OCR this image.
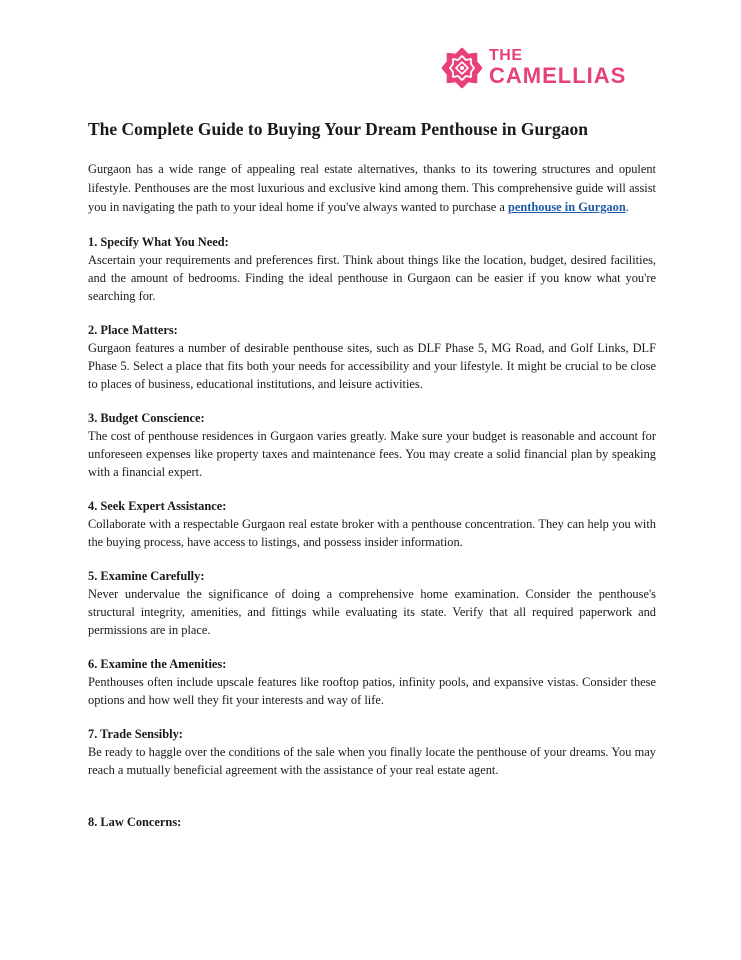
THE
CAMELLIAS
The Complete Guide to Buying Your Dream Penthouse in Gurgaon

Gurgaon has a wide range of appealing real estate alternatives, thanks to its towering structures and opulent lifestyle. Penthouses are the most luxurious and exclusive kind among them. This comprehensive guide will assist you in navigating the path to your ideal home if you've always wanted to purchase a penthouse in Gurgaon.

1. Specify What You Need:

Ascertain your requirements and preferences first. Think about things like the location, budget, desired facilities, and the amount of bedrooms. Finding the ideal penthouse in Gurgaon can be easier if you know what you're searching for.

2. Place Matters:

Gurgaon features a number of desirable penthouse sites, such as DLF Phase 5, MG Road, and Golf Links, DLF Phase 5. Select a place that fits both your needs for accessibility and your lifestyle. It might be crucial to be close to places of business, educational institutions, and leisure activities.

3. Budget Conscience:

The cost of penthouse residences in Gurgaon varies greatly. Make sure your budget is reasonable and account for unforeseen expenses like property taxes and maintenance fees. You may create a solid financial plan by speaking with a financial expert.

4. Seek Expert Assistance:

Collaborate with a respectable Gurgaon real estate broker with a penthouse concentration. They can help you with the buying process, have access to listings, and possess insider information.

5. Examine Carefully:

Never undervalue the significance of doing a comprehensive home examination. Consider the penthouse's structural integrity, amenities, and fittings while evaluating its state. Verify that all required paperwork and permissions are in place.

6. Examine the Amenities:

Penthouses often include upscale features like rooftop patios, infinity pools, and expansive vistas. Consider these options and how well they fit your interests and way of life.

7. Trade Sensibly:

Be ready to haggle over the conditions of the sale when you finally locate the penthouse of your dreams. You may reach a mutually beneficial agreement with the assistance of your real estate agent.

8. Law Concerns:
